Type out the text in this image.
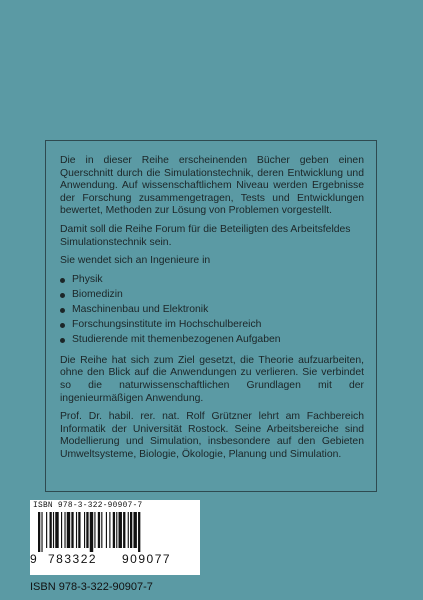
Die in dieser Reihe erscheinenden Bücher geben einen Querschnitt durch die Simulationstechnik, deren Entwicklung und Anwendung. Auf wissenschaftlichem Niveau werden Ergebnisse der Forschung zusammengetragen, Tests und Entwicklungen bewertet, Methoden zur Lösung von Problemen vorgestellt.

Damit soll die Reihe Forum für die Beteiligten des Arbeitsfeldes Simulationstechnik sein.

Sie wendet sich an Ingenieure in

Physik
Biomedizin
Maschinenbau und Elektronik
Forschungsinstitute im Hochschulbereich
Studierende mit themenbezogenen Aufgaben

Die Reihe hat sich zum Ziel gesetzt, die Theorie aufzuarbeiten, ohne den Blick auf die Anwendungen zu verlieren. Sie verbindet so die naturwissenschaftlichen Grundlagen mit der ingenieurmäßigen Anwendung.

Prof. Dr. habil. rer. nat. Rolf Grützner lehrt am Fachbereich Informatik der Universität Rostock. Seine Arbeitsbereiche sind Modellierung und Simulation, insbesondere auf den Gebieten Umweltsysteme, Biologie, Ökologie, Planung und Simulation.

ISBN 978-3-322-90907-7
9 783322 909077
ISBN 978-3-322-90907-7
